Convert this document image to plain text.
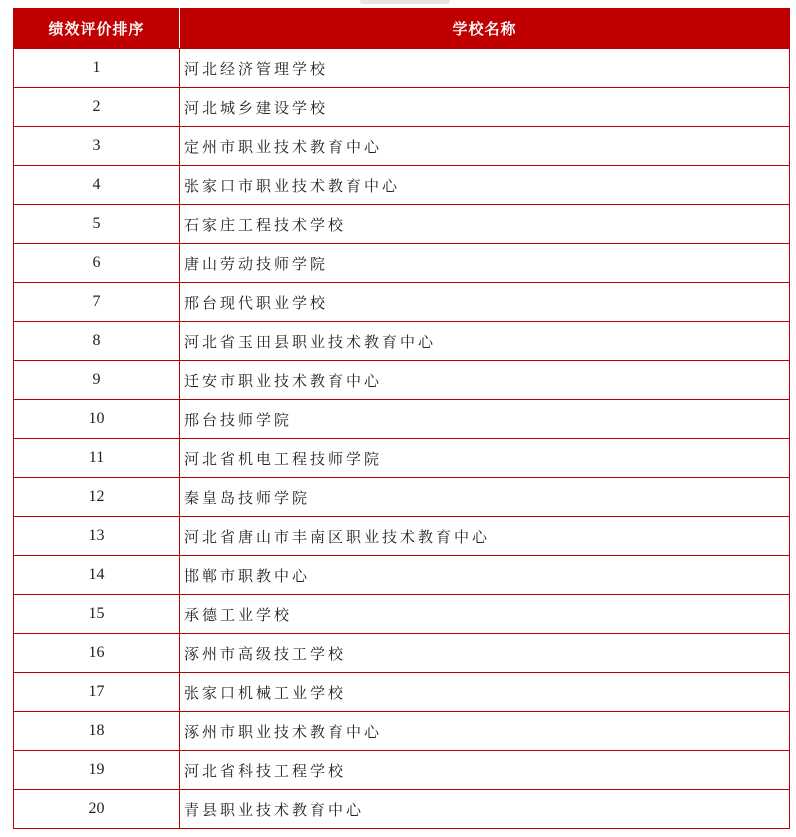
绩效评价排序	学校名称
1	河北经济管理学校
2	河北城乡建设学校
3	定州市职业技术教育中心
4	张家口市职业技术教育中心
5	石家庄工程技术学校
6	唐山劳动技师学院
7	邢台现代职业学校
8	河北省玉田县职业技术教育中心
9	迁安市职业技术教育中心
10	邢台技师学院
11	河北省机电工程技师学院
12	秦皇岛技师学院
13	河北省唐山市丰南区职业技术教育中心
14	邯郸市职教中心
15	承德工业学校
16	涿州市高级技工学校
17	张家口机械工业学校
18	涿州市职业技术教育中心
19	河北省科技工程学校
20	青县职业技术教育中心
